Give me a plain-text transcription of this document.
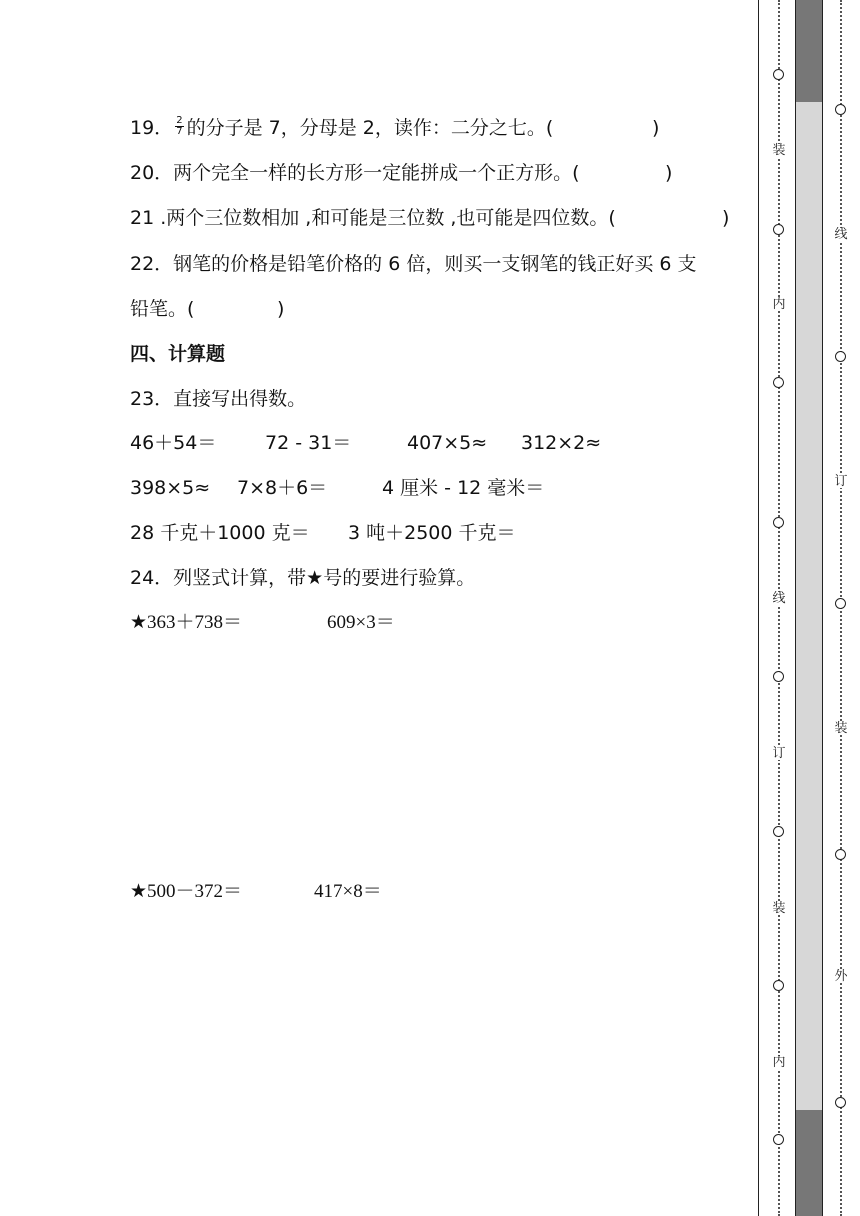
19． $\frac{2}{7}$ 的分子是 7，分母是 2，读作：二分之七。(	)
20．两个完全一样的长方形一定能拼成一个正方形。(	)
21 .两个三位数相加 ,和可能是三位数 ,也可能是四位数。(	)
22．钢笔的价格是铅笔价格的 6 倍，则买一支钢笔的钱正好买 6 支
铅笔。(	)
四、计算题
23．直接写出得数。
46＋54＝	72 - 31＝	407×5≈ 312×2≈
398×5≈ 7×8＋6＝	4 厘米 - 12 毫米＝
28 千克＋1000 克＝ 3 吨＋2500 千克＝
24．列竖式计算，带★号的要进行验算。
★363＋738＝	609×3＝
★500－372＝	417×8＝
装
内
线
订
装
内
线
订
装
外
